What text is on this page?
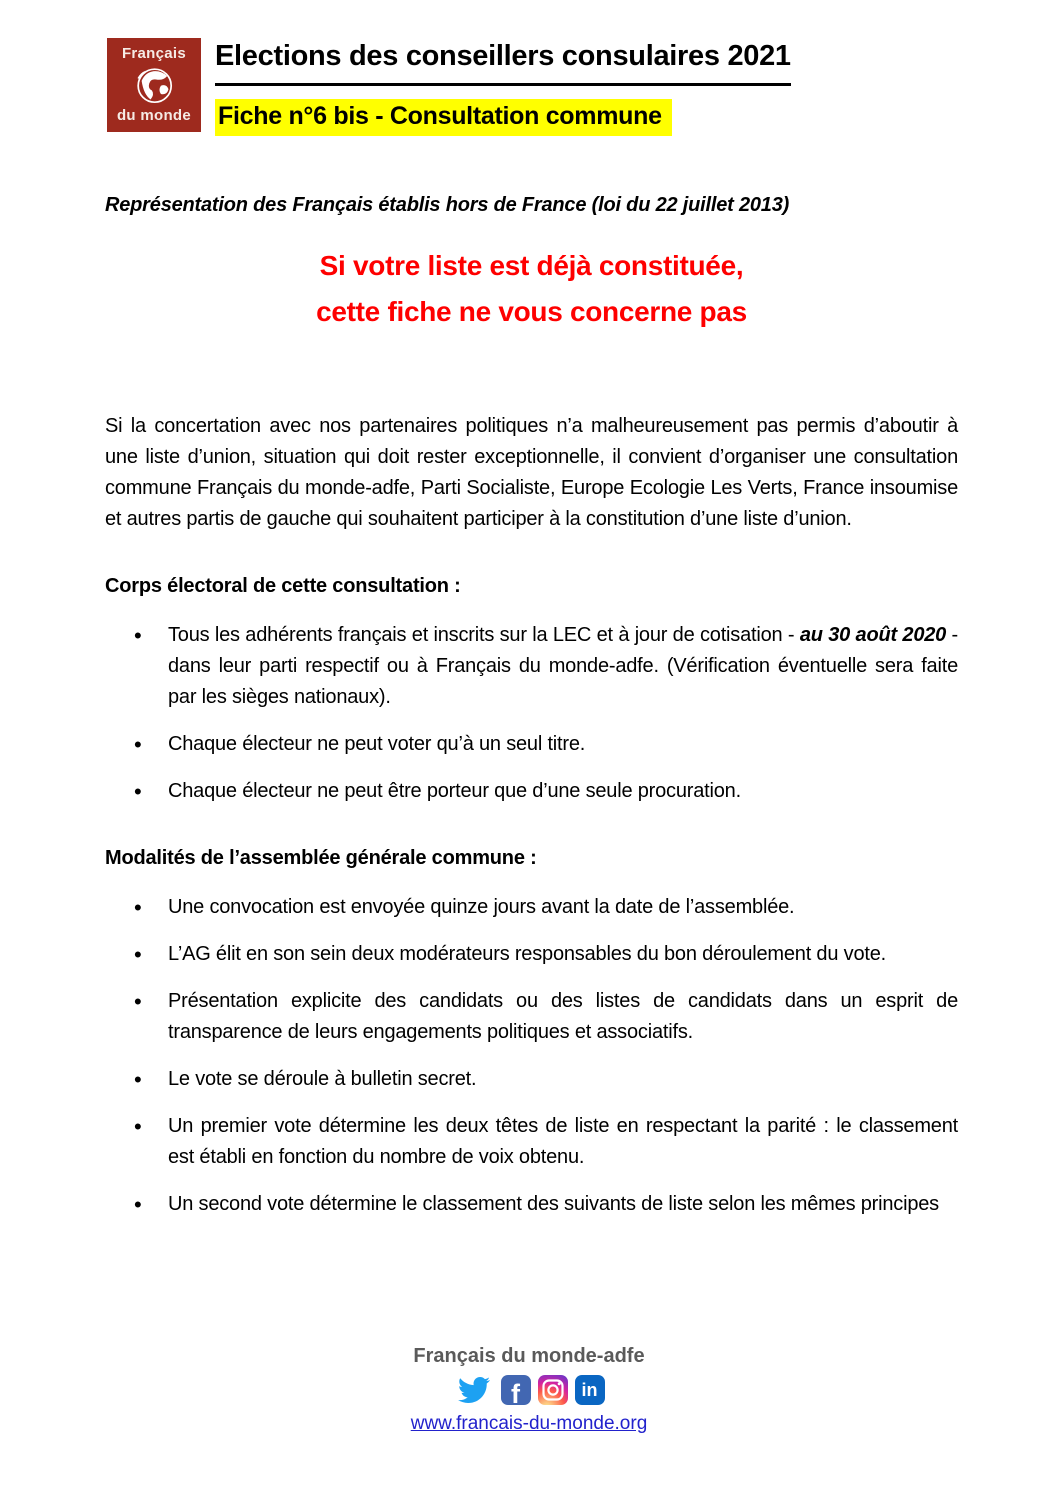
Français
du monde
Elections des conseillers consulaires 2021
Fiche n°6 bis - Consultation commune
Représentation des Français établis hors de France (loi du 22 juillet 2013)
Si votre liste est déjà constituée,
cette fiche ne vous concerne pas

Si la concertation avec nos partenaires politiques n’a malheureusement pas permis d’aboutir à une liste d’union, situation qui doit rester exceptionnelle, il convient d’organiser une consultation commune Français du monde-adfe, Parti Socialiste, Europe Ecologie Les Verts, France insoumise et autres partis de gauche qui souhaitent participer à la constitution d’une liste d’union.

Corps électoral de cette consultation :
• Tous les adhérents français et inscrits sur la LEC et à jour de cotisation - au 30 août 2020 - dans leur parti respectif ou à Français du monde-adfe. (Vérification éventuelle sera faite par les sièges nationaux).
• Chaque électeur ne peut voter qu’à un seul titre.
• Chaque électeur ne peut être porteur que d’une seule procuration.
Modalités de l’assemblée générale commune :
• Une convocation est envoyée quinze jours avant la date de l’assemblée.
• L’AG élit en son sein deux modérateurs responsables du bon déroulement du vote.
• Présentation explicite des candidats ou des listes de candidats dans un esprit de transparence de leurs engagements politiques et associatifs.
• Le vote se déroule à bulletin secret.
• Un premier vote détermine les deux têtes de liste en respectant la parité : le classement est établi en fonction du nombre de voix obtenu.
• Un second vote détermine le classement des suivants de liste selon les mêmes principes
Français du monde-adfe
f	in
www.francais-du-monde.org
